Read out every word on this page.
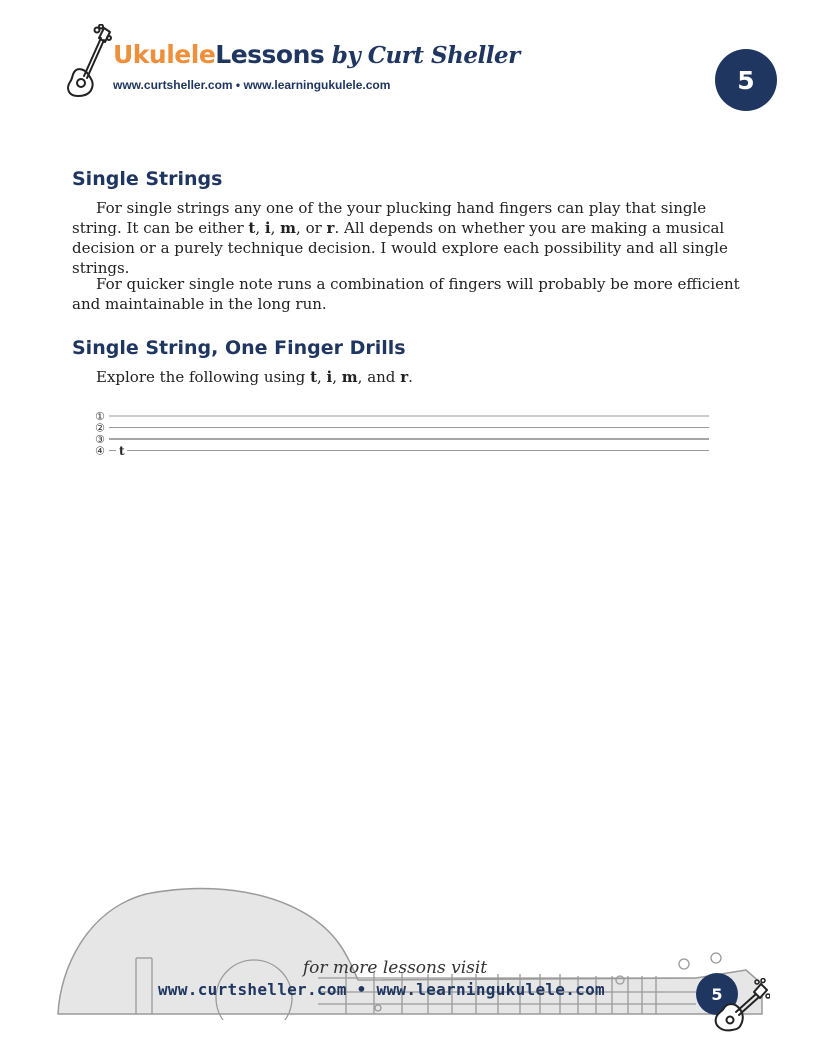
UkuleleLessons by Curt Sheller
www.curtsheller.com • www.learningukulele.com	5
Single Strings
For single strings any one of the your plucking hand fingers can play that single string. It can be either t, i, m, or r. All depends on whether you are making a musical decision or a purely technique decision. I would explore each possibility and all single strings.
For quicker single note runs a combination of fingers will probably be more efficient and maintainable in the long run.
Single String, One Finger Drills
Explore the following using t, i, m, and r.
①
②
③
④ t
for more lessons visit
www.curtsheller.com • www.learningukulele.com	5
